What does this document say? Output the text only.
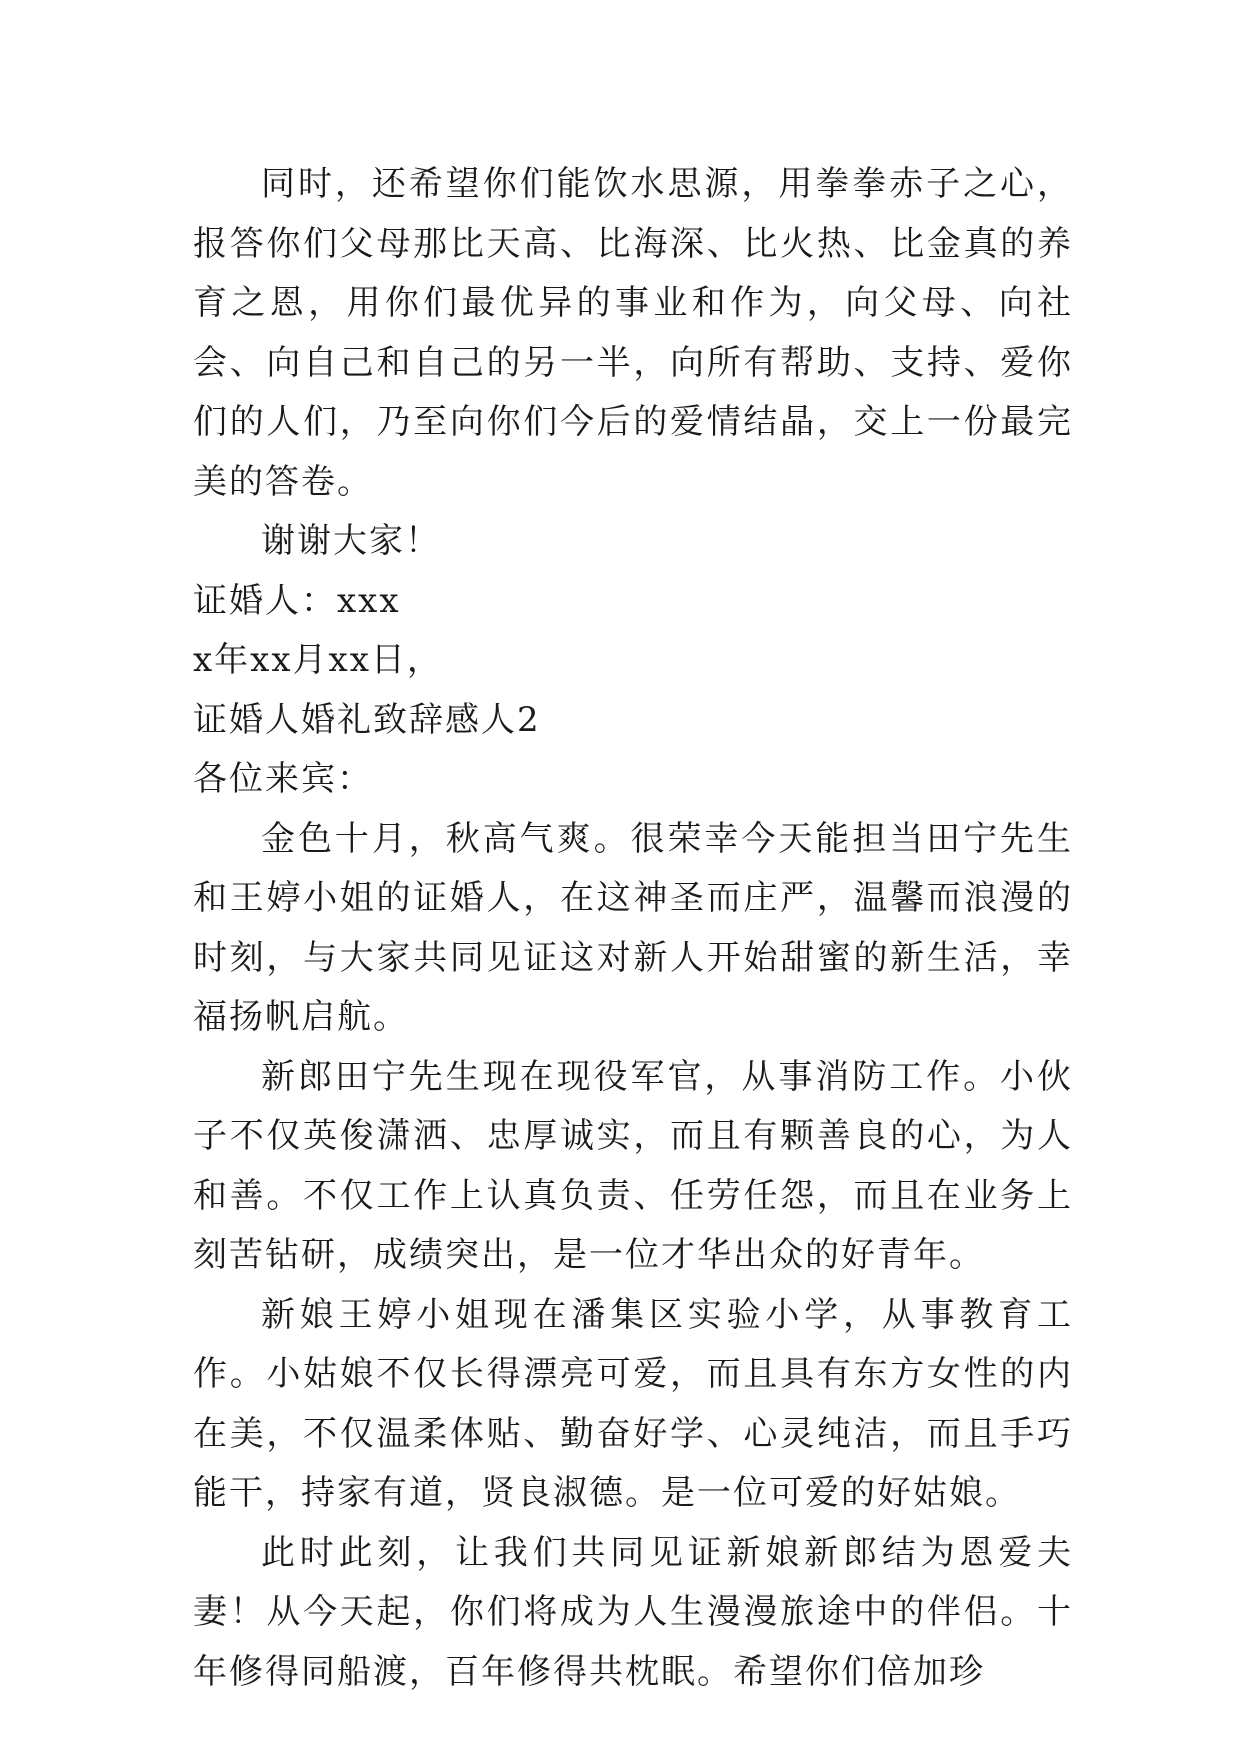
同时，还希望你们能饮水思源，用拳拳赤子之心，报答你们父母那比天高、比海深、比火热、比金真的养育之恩，用你们最优异的事业和作为，向父母、向社会、向自己和自己的另一半，向所有帮助、支持、爱你们的人们，乃至向你们今后的爱情结晶，交上一份最完美的答卷。

谢谢大家！

证婚人：xxx

x年xx月xx日，

证婚人婚礼致辞感人2

各位来宾：

金色十月，秋高气爽。很荣幸今天能担当田宁先生和王婷小姐的证婚人，在这神圣而庄严，温馨而浪漫的时刻，与大家共同见证这对新人开始甜蜜的新生活，幸福扬帆启航。

新郎田宁先生现在现役军官，从事消防工作。小伙子不仅英俊潇洒、忠厚诚实，而且有颗善良的心，为人和善。不仅工作上认真负责、任劳任怨，而且在业务上刻苦钻研，成绩突出，是一位才华出众的好青年。

新娘王婷小姐现在潘集区实验小学，从事教育工作。小姑娘不仅长得漂亮可爱，而且具有东方女性的内在美，不仅温柔体贴、勤奋好学、心灵纯洁，而且手巧能干，持家有道，贤良淑德。是一位可爱的好姑娘。

此时此刻，让我们共同见证新娘新郎结为恩爱夫妻！从今天起，你们将成为人生漫漫旅途中的伴侣。十年修得同船渡，百年修得共枕眠。希望你们倍加珍
